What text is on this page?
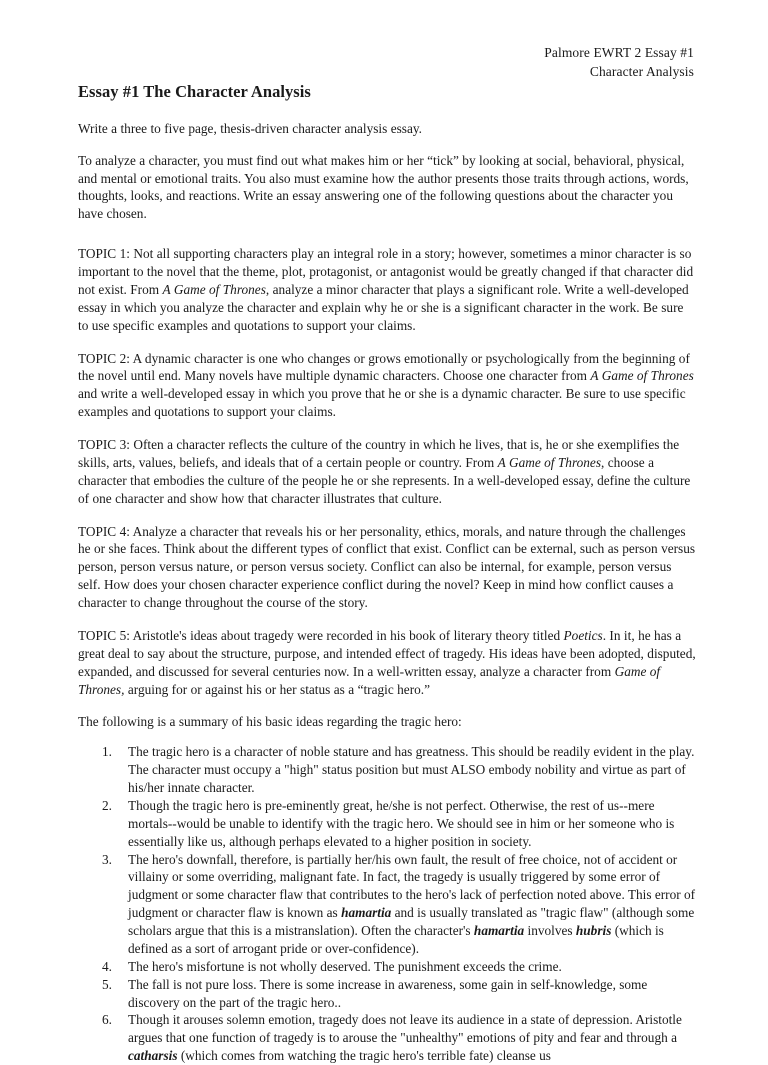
Palmore EWRT 2 Essay #1
Character Analysis
Essay #1 The Character Analysis

Write a three to five page, thesis-driven character analysis essay.

To analyze a character, you must find out what makes him or her “tick” by looking at social, behavioral, physical, and mental or emotional traits. You also must examine how the author presents those traits through actions, words, thoughts, looks, and reactions. Write an essay answering one of the following questions about the character you have chosen.

TOPIC 1: Not all supporting characters play an integral role in a story; however, sometimes a minor character is so important to the novel that the theme, plot, protagonist, or antagonist would be greatly changed if that character did not exist. From A Game of Thrones, analyze a minor character that plays a significant role. Write a well-developed essay in which you analyze the character and explain why he or she is a significant character in the work. Be sure to use specific examples and quotations to support your claims.

TOPIC 2: A dynamic character is one who changes or grows emotionally or psychologically from the beginning of the novel until end. Many novels have multiple dynamic characters. Choose one character from A Game of Thrones and write a well-developed essay in which you prove that he or she is a dynamic character. Be sure to use specific examples and quotations to support your claims.

TOPIC 3: Often a character reflects the culture of the country in which he lives, that is, he or she exemplifies the skills, arts, values, beliefs, and ideals that of a certain people or country. From A Game of Thrones, choose a character that embodies the culture of the people he or she represents. In a well-developed essay, define the culture of one character and show how that character illustrates that culture.

TOPIC 4: Analyze a character that reveals his or her personality, ethics, morals, and nature through the challenges he or she faces. Think about the different types of conflict that exist. Conflict can be external, such as person versus person, person versus nature, or person versus society. Conflict can also be internal, for example, person versus self. How does your chosen character experience conflict during the novel? Keep in mind how conflict causes a character to change throughout the course of the story.

TOPIC 5: Aristotle's ideas about tragedy were recorded in his book of literary theory titled Poetics. In it, he has a great deal to say about the structure, purpose, and intended effect of tragedy. His ideas have been adopted, disputed, expanded, and discussed for several centuries now. In a well-written essay, analyze a character from Game of Thrones, arguing for or against his or her status as a “tragic hero.”

The following is a summary of his basic ideas regarding the tragic hero:

The tragic hero is a character of noble stature and has greatness. This should be readily evident in the play. The character must occupy a "high" status position but must ALSO embody nobility and virtue as part of his/her innate character.
Though the tragic hero is pre-eminently great, he/she is not perfect. Otherwise, the rest of us--mere mortals--would be unable to identify with the tragic hero. We should see in him or her someone who is essentially like us, although perhaps elevated to a higher position in society.
The hero's downfall, therefore, is partially her/his own fault, the result of free choice, not of accident or villainy or some overriding, malignant fate. In fact, the tragedy is usually triggered by some error of judgment or some character flaw that contributes to the hero's lack of perfection noted above. This error of judgment or character flaw is known as hamartia and is usually translated as "tragic flaw" (although some scholars argue that this is a mistranslation). Often the character's hamartia involves hubris (which is defined as a sort of arrogant pride or over-confidence).
The hero's misfortune is not wholly deserved. The punishment exceeds the crime.
The fall is not pure loss. There is some increase in awareness, some gain in self-knowledge, some discovery on the part of the tragic hero..
Though it arouses solemn emotion, tragedy does not leave its audience in a state of depression. Aristotle argues that one function of tragedy is to arouse the "unhealthy" emotions of pity and fear and through a catharsis (which comes from watching the tragic hero's terrible fate) cleanse us
